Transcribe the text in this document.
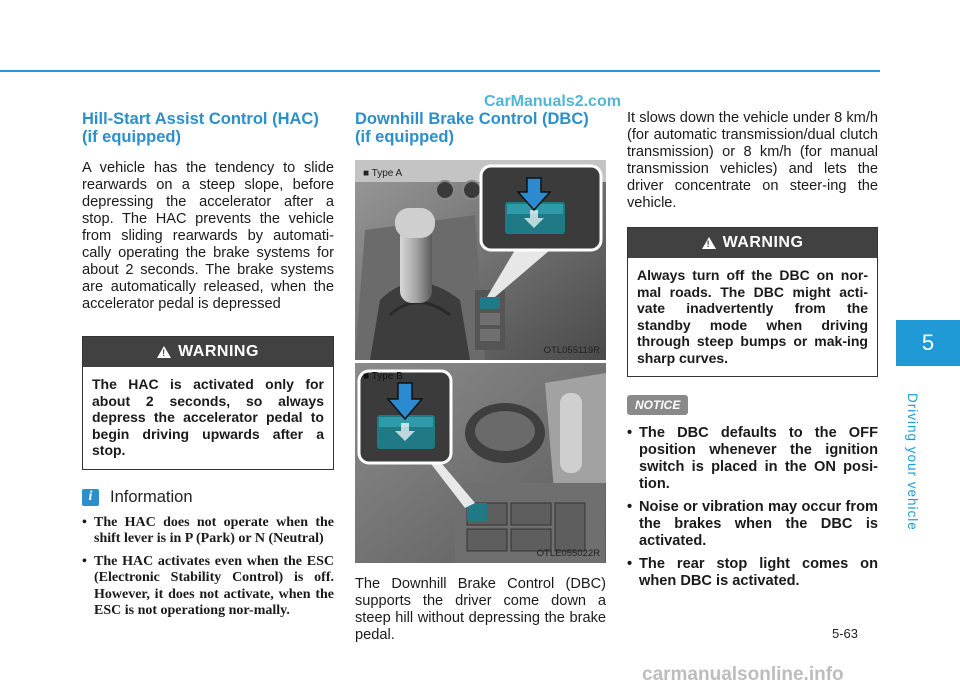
CarManuals2.com
Hill-Start Assist Control (HAC) (if equipped)

A vehicle has the tendency to slide rearwards on a steep slope, before depressing the accelerator after a stop. The HAC prevents the vehicle from sliding rearwards by automati-cally operating the brake systems for about 2 seconds. The brake systems are automatically released, when the accelerator pedal is depressed

! WARNING
The HAC is activated only for about 2 seconds, so always depress the accelerator pedal to begin driving upwards after a stop.
i	Information
• The HAC does not operate when the shift lever is in P (Park) or N (Neutral)
• The HAC activates even when the ESC (Electronic Stability Control) is off. However, it does not activate, when the ESC is not operationg nor-mally.
Downhill Brake Control (DBC) (if equipped)
■ Type A
OTL055119R
■ Type B
OTLE055022R

The Downhill Brake Control (DBC) supports the driver come down a steep hill without depressing the brake pedal.

It slows down the vehicle under 8 km/h (for automatic transmission/dual clutch transmission) or 8 km/h (for manual transmission vehicles) and lets the driver concentrate on steer-ing the vehicle.

! WARNING
Always turn off the DBC on nor-mal roads. The DBC might acti-vate inadvertently from the standby mode when driving through steep bumps or mak-ing sharp curves.
NOTICE
• The DBC defaults to the OFF position whenever the ignition switch is placed in the ON posi-tion.
• Noise or vibration may occur from the brakes when the DBC is activated.
• The rear stop light comes on when DBC is activated.
5
Driving your vehicle
5-63
carmanualsonline.info
